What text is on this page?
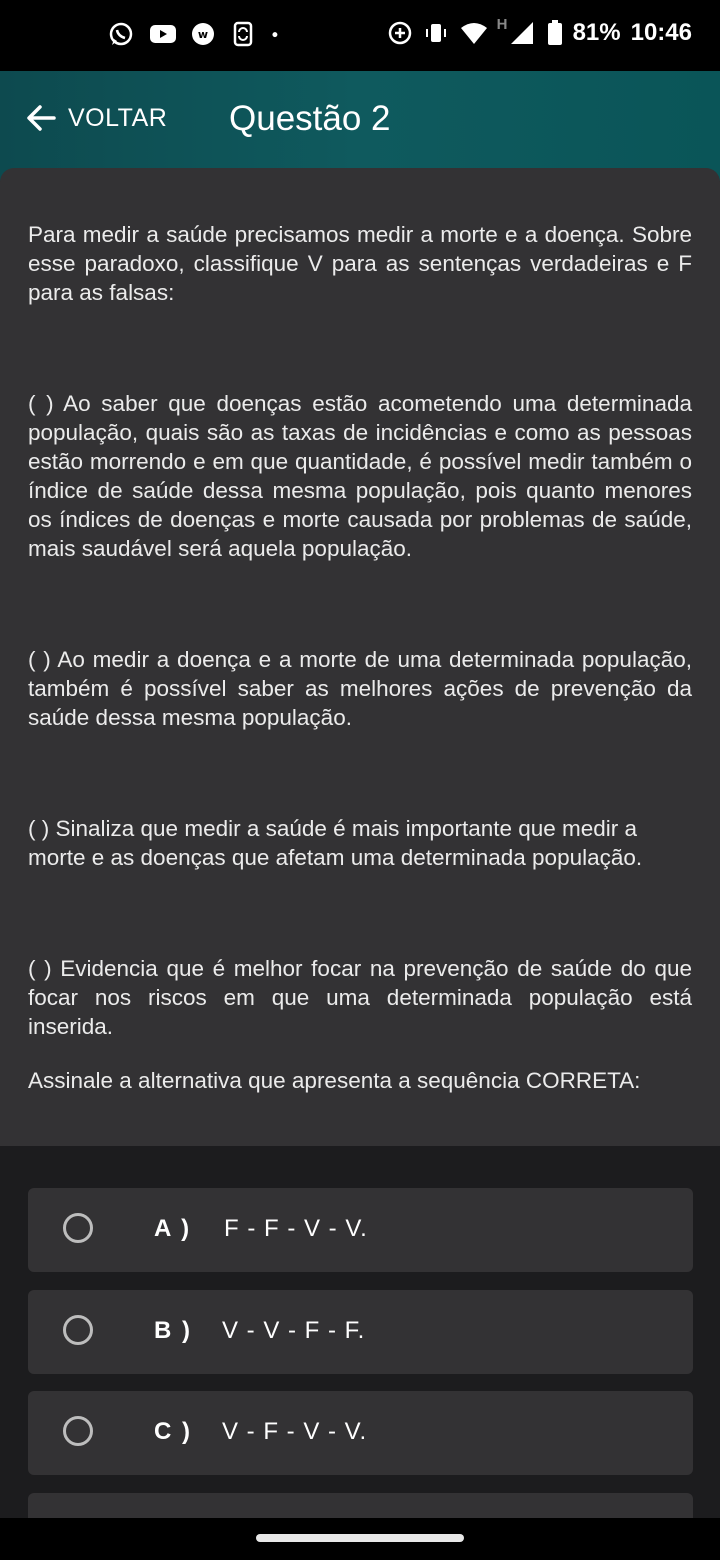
w
H	81% 10:46
VOLTAR Questão 2

Para medir a saúde precisamos medir a morte e a doença. Sobre esse paradoxo, classifique V para as sentenças verdadeiras e F para as falsas:

( ) Ao saber que doenças estão acometendo uma determinada população, quais são as taxas de incidências e como as pessoas estão morrendo e em que quantidade, é possível medir também o índice de saúde dessa mesma população, pois quanto menores os índices de doenças e morte causada por problemas de saúde, mais saudável será aquela população.

( ) Ao medir a doença e a morte de uma determinada população, também é possível saber as melhores ações de prevenção da saúde dessa mesma população.

( ) Sinaliza que medir a saúde é mais importante que medir a morte e as doenças que afetam uma determinada população.

( ) Evidencia que é melhor focar na prevenção de saúde do que focar nos riscos em que uma determinada população está inserida.

Assinale a alternativa que apresenta a sequência CORRETA:

A ) F - F - V - V.
B ) V - V - F - F.
C ) V - F - V - V.
